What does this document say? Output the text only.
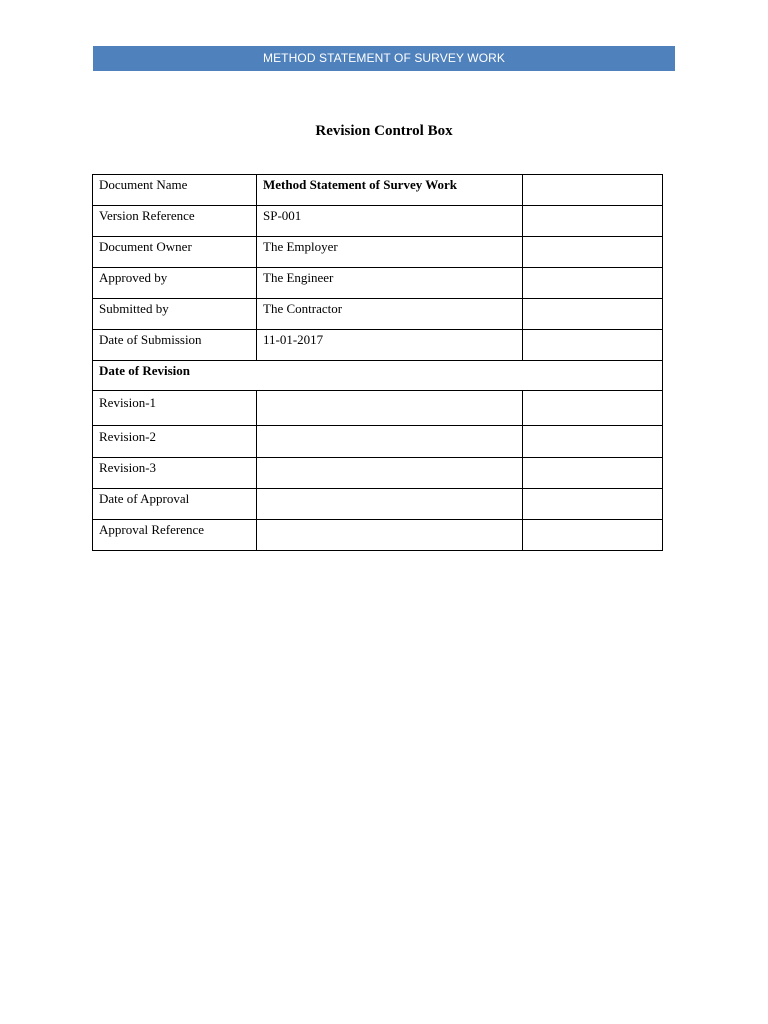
METHOD STATEMENT OF SURVEY WORK
Revision Control Box
Document Name	Method Statement of Survey Work	
Version Reference	SP-001	
Document Owner	The Employer	
Approved by	The Engineer	
Submitted by	The Contractor	
Date of Submission	11-01-2017	
Date of Revision		
Revision-1		
Revision-2		
Revision-3		
Date of Approval		
Approval Reference		
